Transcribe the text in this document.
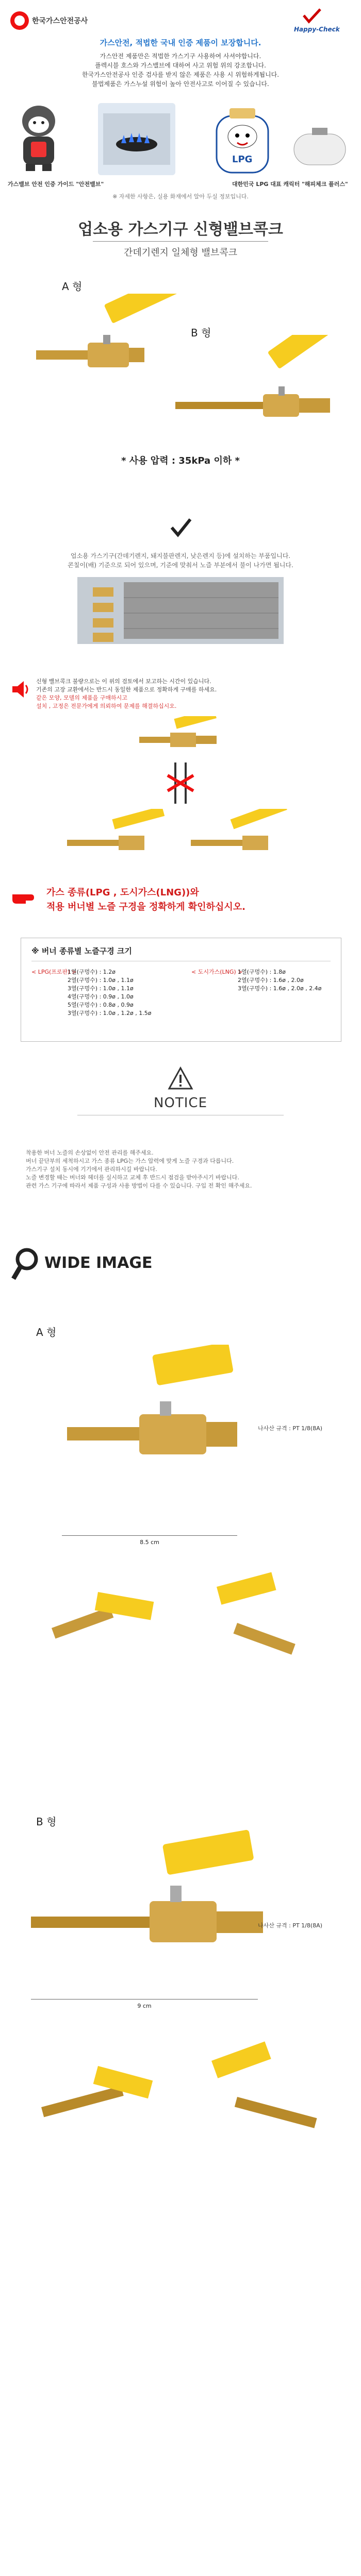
한국가스안전공사
Happy-Check
가스안전, 적법한 국내 인증 제품이 보장합니다.
가스안전 제품만은 적법한 가스기구 사용하여 사셔야합니다.
플렉시블 호스와 가스밸브에 대하여 사고 위험 위의 강조합니다.
한국가스안전공사 인증 검사를 받지 않은 제품은 사용 시 위험하게됩니다.
불법제품은 가스누설 위험이 높아 안전사고로 이어질 수 있습니다.
LPG
가스밸브 안전 인증 가이드 "안전밸브"	대한민국 LPG 대표 캐릭터 "해피체크 플러스"
※ 자세한 사항은, 실용 화재에서 알아 두실 정보입니다.
업소용 가스기구 신형밸브콕크
간데기렌지 일체형 밸브콕크
A 형
B 형
* 사용 압력 : 35kPa 이하 *
업소용 가스기구(간데기렌지, 돼지불판렌지, 낮은렌지 등)에 설치하는 부품입니다.
콘칠이(배) 기준으로 되어 있으며, 기준에 맞춰서 노즐 부분에서 불이 나가면 됩니다.
신형 밸브콕크 불량으로는 이 위의 검토에서 보고하는 시간이 있습니다.
기존의 고장 교환에서는 반드시 동일한 제품으로 정확하게 구매를 하세요.
같은 모양, 모델의 제품을 구매하시고
설치 , 고정은 전문가에게 의뢰하여 문제를 해결하십시오.
가스 종류(LPG , 도시가스(LNG))와
적용 버너별 노즐 구경을 정확하게 확인하십시오.
※ 버너 종류별 노즐구경 크기
< LPG(프로판) >
1열(구멍수) : 1.2ø
2열(구멍수) : 1.0ø , 1.1ø
3열(구멍수) : 1.0ø , 1.1ø
4열(구멍수) : 0.9ø , 1.0ø
5열(구멍수) : 0.8ø , 0.9ø
3열(구멍수) : 1.0ø , 1.2ø , 1.5ø
< 도시가스(LNG) >
1열(구멍수) : 1.8ø
2열(구멍수) : 1.6ø , 2.0ø
3열(구멍수) : 1.6ø , 2.0ø , 2.4ø
NOTICE
착용한 버너 노즐의 손상없이 안전 관리를 해주세요.
버너 끝단부의 세척하시고 가스 종류 LPG는 가스 압력에 맞게 노즐 구경과 다릅니다.
가스기구 설치 동시에 기기에서 관리하시길 바랍니다.
노즐 변경할 때는 버너와 헤더를 실시하고 교체 후 반드시 점검을 받아주시기 바랍니다.
관련 가스 기구에 따라서 제품 구성과 사용 방법이 다를 수 있습니다. 구입 전 확인 해주세요.
WIDE IMAGE
A 형
나사산 규격 : PT 1/8(8A)
8.5 cm
B 형
나사산 규격 : PT 1/8(8A)
9 cm
